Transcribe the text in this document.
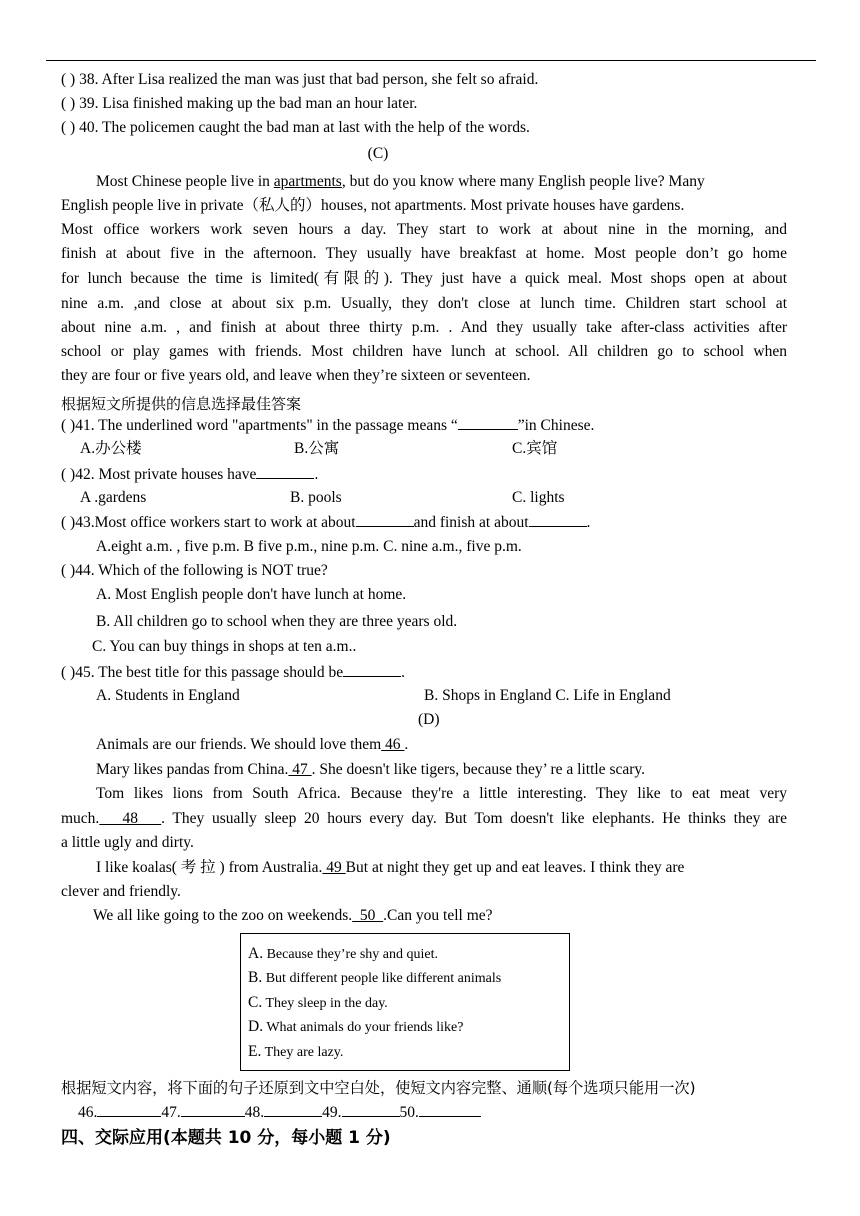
( ) 38. After Lisa realized the man was just that bad person, she felt so afraid.
( ) 39. Lisa finished making up the bad man an hour later.
( ) 40. The policemen caught the bad man at last with the help of the words.
(C)
Most Chinese people live in apartments, but do you know where many English people live? Many
English people live in private（私人的）houses, not apartments. Most private houses have gardens.
Most office workers work seven hours a day. They start to work at about nine in the morning, and
finish at about five in the afternoon. They usually have breakfast at home. Most people don’t go home
for lunch because the time is limited(有限的). They just have a quick meal. Most shops open at about
nine a.m. ,and close at about six p.m. Usually, they don't close at lunch time. Children start school at
about nine a.m. , and finish at about three thirty p.m. . And they usually take after-class activities after
school or play games with friends. Most children have lunch at school. All children go to school when
they are four or five years old, and leave when they’re sixteen or seventeen.
根据短文所提供的信息选择最佳答案
( )41. The underlined word "apartments" in the passage means “	”in Chinese.
A.办公楼	B.公寓	C.宾馆
( )42. Most private houses have	.
A .gardens	B. pools	C. lights
( )43.Most office workers start to work at about	and finish at about	.
A.eight a.m. , five p.m. B five p.m., nine p.m. C. nine a.m., five p.m.
( )44. Which of the following is NOT true?
A. Most English people don't have lunch at home.
B. All children go to school when they are three years old.
C. You can buy things in shops at ten a.m..
( )45. The best title for this passage should be	.
A. Students in England	B. Shops in England C. Life in England
(D)
Animals are our friends. We should love them 46 .
Mary likes pandas from China. 47 . She doesn't like tigers, because they’ re a little scary.
Tom likes lions from South Africa. Because they're a little interesting. They like to eat meat very
much.   48   . They usually sleep 20 hours every day. But Tom doesn't like elephants. He thinks they are
a little ugly and dirty.
I like koalas( 考 拉 ) from Australia. 49 But at night they get up and eat leaves. I think they are
clever and friendly.
We all like going to the zoo on weekends.  50  .Can you tell me?
A. Because they’re shy and quiet.
B. But different people like different animals
C. They sleep in the day.
D. What animals do your friends like?
E. They are lazy.
根据短文内容，将下面的句子还原到文中空白处，使短文内容完整、通顺(每个选项只能用一次)
46.	47.	48.	49.	50.
四、交际应用(本题共 10 分，每小题 1 分)
